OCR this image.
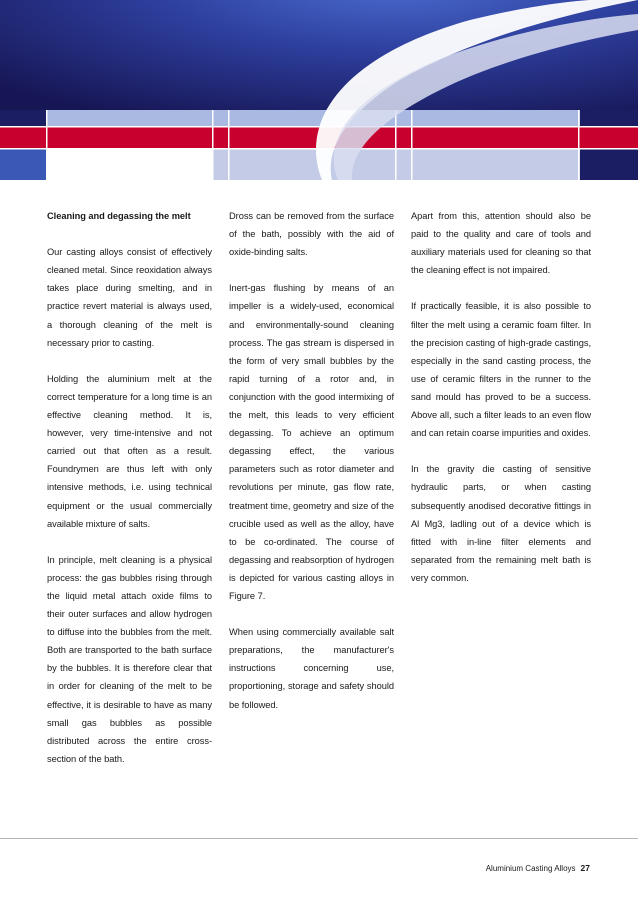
Cleaning and degassing the melt

Our casting alloys consist of effectively cleaned metal. Since reoxidation always takes place during smelting, and in practice revert material is always used, a thorough cleaning of the melt is necessary prior to casting.

Holding the aluminium melt at the correct temperature for a long time is an effective cleaning method. It is, however, very time-intensive and not carried out that often as a result. Foundrymen are thus left with only intensive methods, i.e. using technical equipment or the usual commercially available mixture of salts.

In principle, melt cleaning is a physical process: the gas bubbles rising through the liquid metal attach oxide films to their outer surfaces and allow hydrogen to diffuse into the bubbles from the melt. Both are transported to the bath surface by the bubbles. It is therefore clear that in order for cleaning of the melt to be effective, it is desirable to have as many small gas bubbles as possible distributed across the entire cross-section of the bath.

Dross can be removed from the surface of the bath, possibly with the aid of oxide-binding salts.

Inert-gas flushing by means of an impeller is a widely-used, economical and environmentally-sound cleaning process. The gas stream is dispersed in the form of very small bubbles by the rapid turning of a rotor and, in conjunction with the good intermixing of the melt, this leads to very efficient degassing. To achieve an optimum degassing effect, the various parameters such as rotor diameter and revolutions per minute, gas flow rate, treatment time, geometry and size of the crucible used as well as the alloy, have to be co-ordinated. The course of degassing and reabsorption of hydrogen is depicted for various casting alloys in Figure 7.

When using commercially available salt preparations, the manufacturer's instructions concerning use, proportioning, storage and safety should be followed.

Apart from this, attention should also be paid to the quality and care of tools and auxiliary materials used for cleaning so that the cleaning effect is not impaired.

If practically feasible, it is also possible to filter the melt using a ceramic foam filter. In the precision casting of high-grade castings, especially in the sand casting process, the use of ceramic filters in the runner to the sand mould has proved to be a success. Above all, such a filter leads to an even flow and can retain coarse impurities and oxides.

In the gravity die casting of sensitive hydraulic parts, or when casting subsequently anodised decorative fittings in Al Mg3, ladling out of a device which is fitted with in-line filter elements and separated from the remaining melt bath is very common.

Aluminium Casting Alloys 27
